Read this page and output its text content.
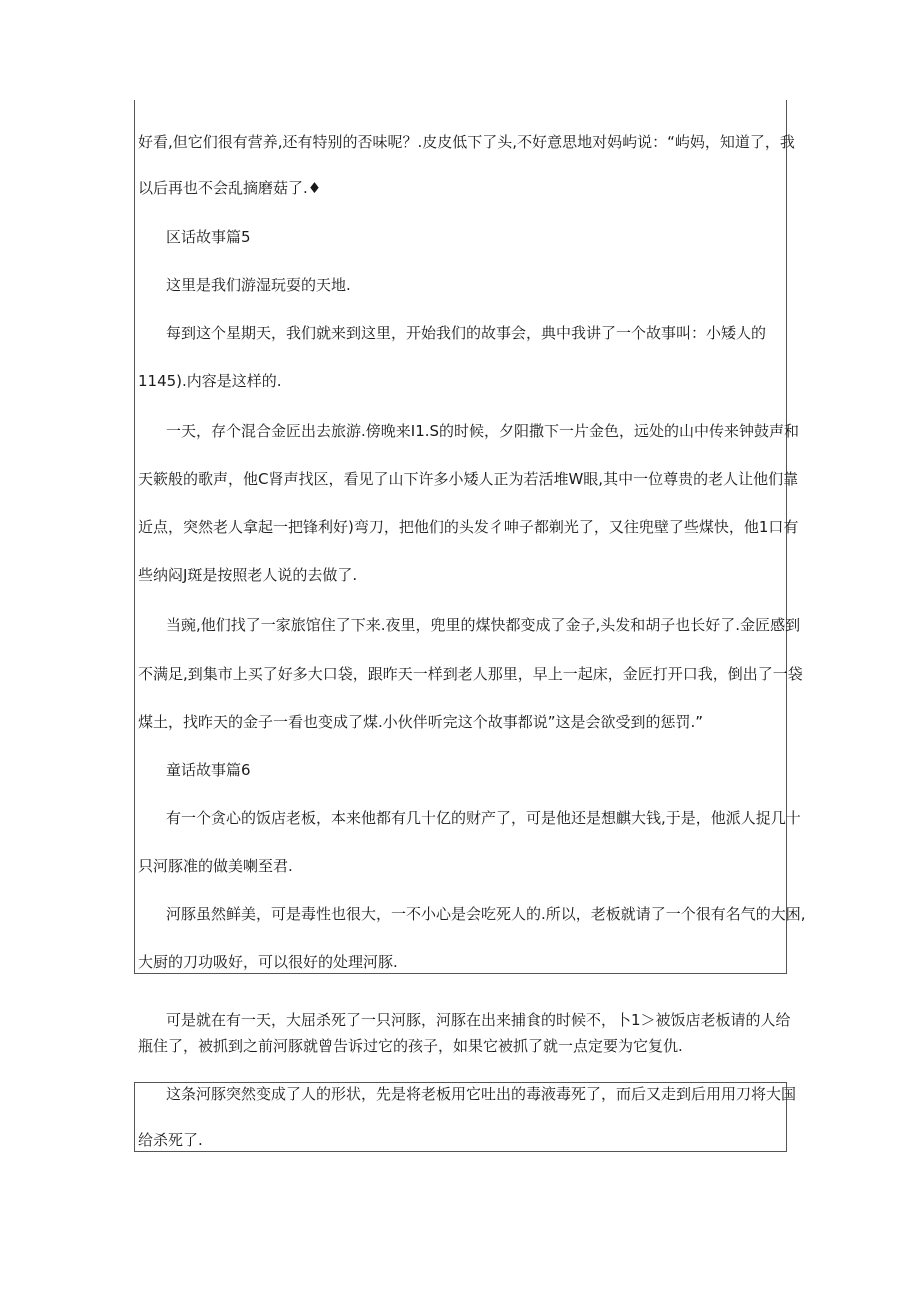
好看,但它们很有营养,还有特别的否味呢？.皮皮低下了头,不好意思地对妈屿说：“屿妈，知道了，我
以后再也不会乱摘磨菇了.♦
区话故事篇5
这里是我们游湿玩耍的天地.
每到这个星期天，我们就来到这里，开始我们的故事会，典中我讲了一个故事叫：小矮人的
1145).内容是这样的.
一天，存个混合金匠出去旅游.傍晚来I1.S的时候，夕阳撒下一片金色，远处的山中传来钟鼓声和
天簌般的歌声，他C肾声找区，看见了山下许多小矮人正为若活堆W眼,其中一位尊贵的老人让他们靠
近点，突然老人拿起一把锋利好)弯刀，把他们的头发彳呻子都剃光了，又往兜壁了些煤快，他1口有
些纳闷J斑是按照老人说的去做了.
当豌,他们找了一家旅馆住了下来.夜里，兜里的煤快都变成了金子,头发和胡子也长好了.金匠感到
不满足,到集市上买了好多大口袋，跟昨天一样到老人那里，早上一起床，金匠打开口我，倒出了一袋
煤土，找昨天的金子一看也变成了煤.小伙伴听完这个故事都说”这是会欲受到的惩罚.”
童话故事篇6
有一个贪心的饭店老板，本来他都有几十亿的财产了，可是他还是想麒大钱,于是，他派人捉几十
只河豚准的做美喇至君.
河豚虽然鲜美，可是毒性也很大，一不小心是会吃死人的.所以，老板就请了一个很有名气的大困,
大厨的刀功吸好，可以很好的处理河豚.
可是就在有一天，大屈杀死了一只河豚，河豚在出来捕食的时候不，卜1＞被饭店老板请的人给
瓶住了，被抓到之前河豚就曾告诉过它的孩子，如果它被抓了就一点定要为它复仇.
这条河豚突然变成了人的形状，先是将老板用它吐出的毒液毒死了，而后又走到后用用刀将大国
给杀死了.
